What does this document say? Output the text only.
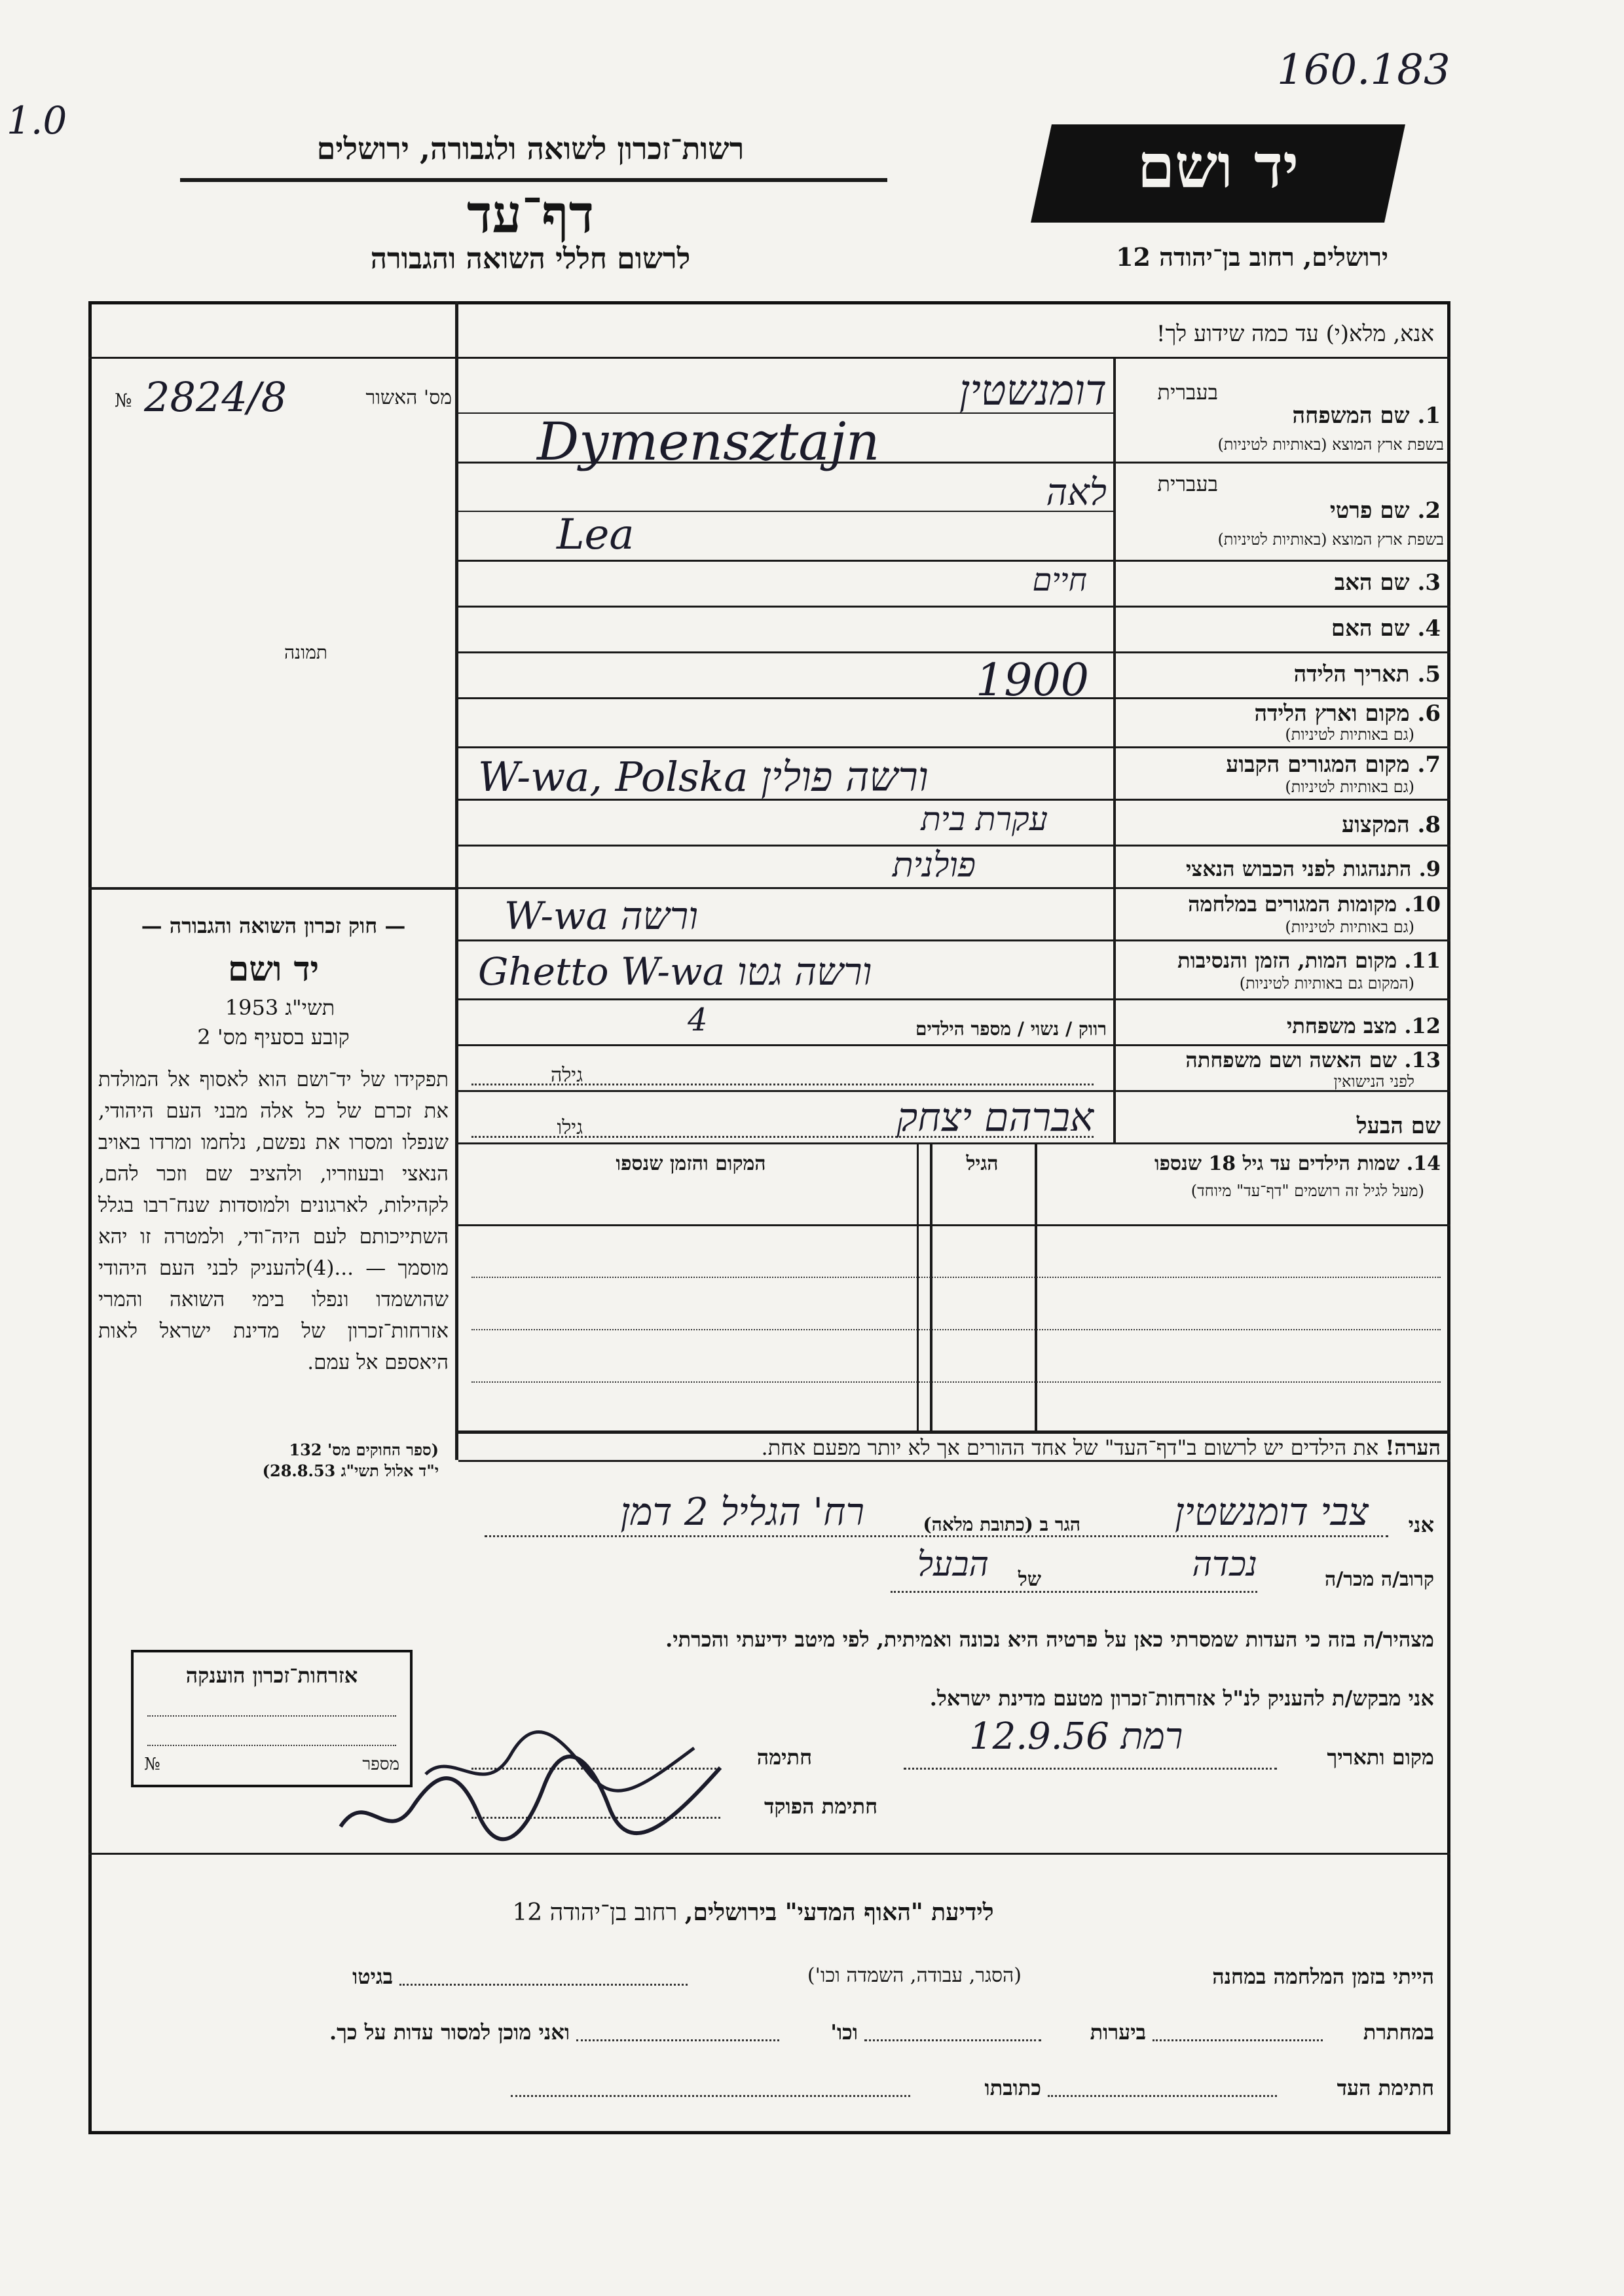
160.183
1.0
רשות־זכרון לשואה ולגבורה, ירושלים
דף־עד
לרשום חללי השואה והגבורה
יד ושם
ירושלים, רחוב בן־יהודה 12
אנא, מלא(י) עד כמה שידוע לך!
מס' האשור
№ 2824/8
תמונה
— חוק זכרון השואה והגבורה —
יד ושם
תשי"ג 1953
קובע בסעיף מס' 2
תפקידו של יד־ושם הוא לאסוף אל המולדת את זכרם של כל אלה מבני העם היהודי, שנפלו ומסרו את נפשם, נלחמו ומרדו באויב הנאצי ובעוזריו, ולהציב שם וזכר להם, לקהילות, לארגונים ולמוסדות שנח־רבו בגלל השתייכותם לעם היה־ודי, ולמטרה זו יהא מוסמך — ...(4)להעניק לבני העם היהודי שהושמדו ונפלו בימי השואה והמרי אזרחות־זכרון של מדינת ישראל לאות היאספם אל עמם.
(ספר החוקים מס' 132
י"ד אלול תשי"ג 28.8.53)
בעברית
1. שם המשפחה
בשפת ארץ המוצא (באותיות לטיניות)
דומנשטין
Dymensztajn
בעברית
2. שם פרטי
בשפת ארץ המוצא (באותיות לטיניות)
לאה
Lea
3. שם האב
חיים
4. שם האם
5. תאריך הלידה
1900
6. מקום וארץ הלידה
(גם באותיות לטיניות)
7. מקום המגורים הקבוע
(גם באותיות לטיניות)
W-wa, Polska ורשה פולין
8. המקצוע
עקרת בית
9. התנהגות לפני הכבוש הנאצי
פולנית
10. מקומות המגורים במלחמה
(גם באותיות לטיניות)
W-wa ורשה
11. מקום המות, הזמן והנסיבות
(המקום גם באותיות לטיניות)
Ghetto W-wa ורשה גטו
12. מצב משפחתי
רווק / נשוי / מספר הילדים
4
13. שם האשה ושם משפחתה
לפני הנישואין
גילה
שם הבעל
גילו	אברהם יצחק
14. שמות הילדים עד גיל 18 שנספו
(מעל לגיל זה רושמים "דף־עד" מיוחד)
הגיל
המקום והזמן שנספו
הערה! את הילדים יש לרשום ב"דף־העד" של אחד ההורים אך לא יותר מפעם אחת.
אני
צבי דומנשטין
הגר ב (כתובת מלאה)
רח' הגליל 2 דמן
קרוב/ה מכר/ה
נכדה
של
הבעל
מצהיר/ה בזה כי העדות שמסרתי כאן על פרטיה היא נכונה ואמיתית, לפי מיטב ידיעתי והכרתי.
אני מבקש/ת להעניק לנ"ל אזרחות־זכרון מטעם מדינת ישראל.
מקום ותאריך
12.9.56 רמת
חתימה
חתימת הפוקד
אזרחות־זכרון הוענקה
№	מספר
לידיעת "האוף המדעי" בירושלים, רחוב בן־יהודה 12
הייתי בזמן המלחמה במחנה
(הסגר, עבודה, השמדה וכו')
בגיטו
במחתרת
ביערות
וכו'
ואני מוכן למסור עדות על כך.
חתימת העד
כתובתו
